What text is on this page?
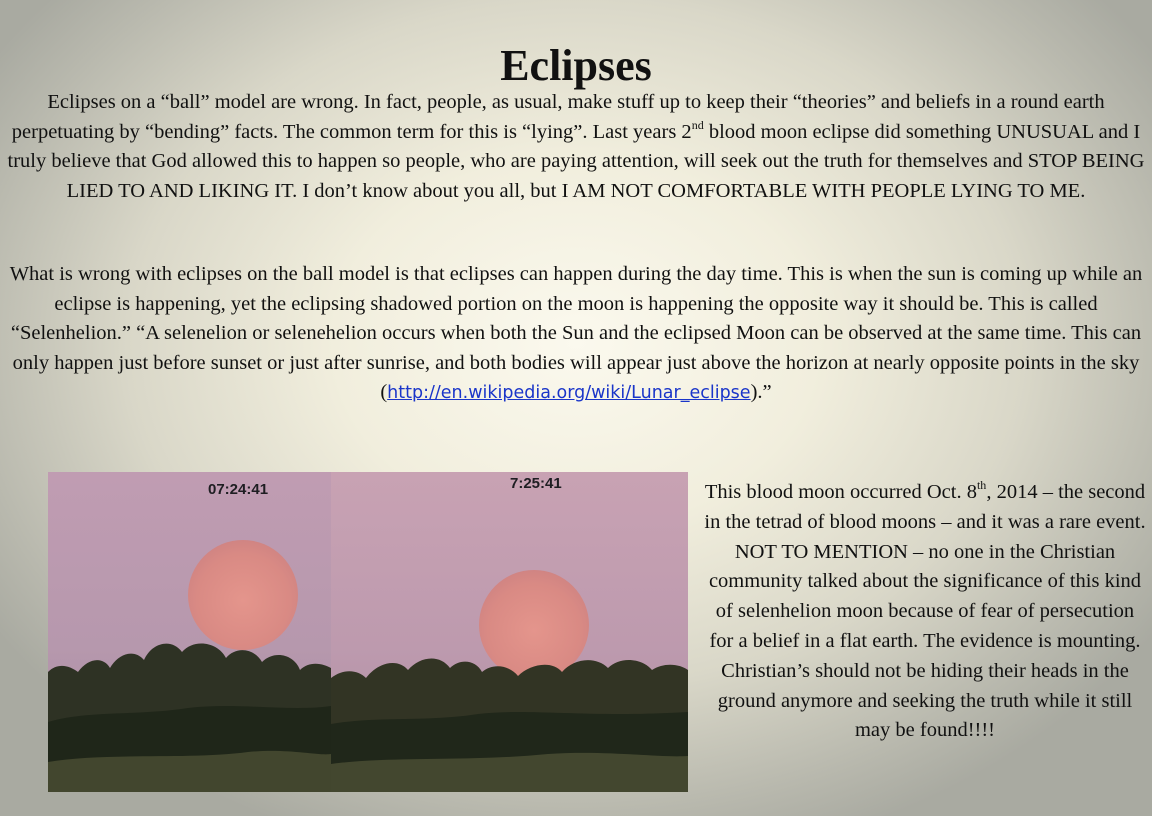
Eclipses

Eclipses on a “ball” model are wrong. In fact, people, as usual, make stuff up to keep their “theories” and beliefs in a round earth perpetuating by “bending” facts. The common term for this is “lying”. Last years 2nd blood moon eclipse did something UNUSUAL and I truly believe that God allowed this to happen so people, who are paying attention, will seek out the truth for themselves and STOP BEING LIED TO AND LIKING IT. I don’t know about you all, but I AM NOT COMFORTABLE WITH PEOPLE LYING TO ME.

What is wrong with eclipses on the ball model is that eclipses can happen during the day time. This is when the sun is coming up while an eclipse is happening, yet the eclipsing shadowed portion on the moon is happening the opposite way it should be. This is called “Selenhelion.” “A selenelion or selenehelion occurs when both the Sun and the eclipsed Moon can be observed at the same time. This can only happen just before sunset or just after sunrise, and both bodies will appear just above the horizon at nearly opposite points in the sky (http://en.wikipedia.org/wiki/Lunar_eclipse).”

07:24:41	7:25:41	This blood moon occurred Oct. 8th, 2014 – the second in the tetrad of blood moons – and it was a rare event. NOT TO MENTION – no one in the Christian community talked about the significance of this kind of selenhelion moon because of fear of persecution for a belief in a flat earth. The evidence is mounting. Christian’s should not be hiding their heads in the ground anymore and seeking the truth while it still may be found!!!!
